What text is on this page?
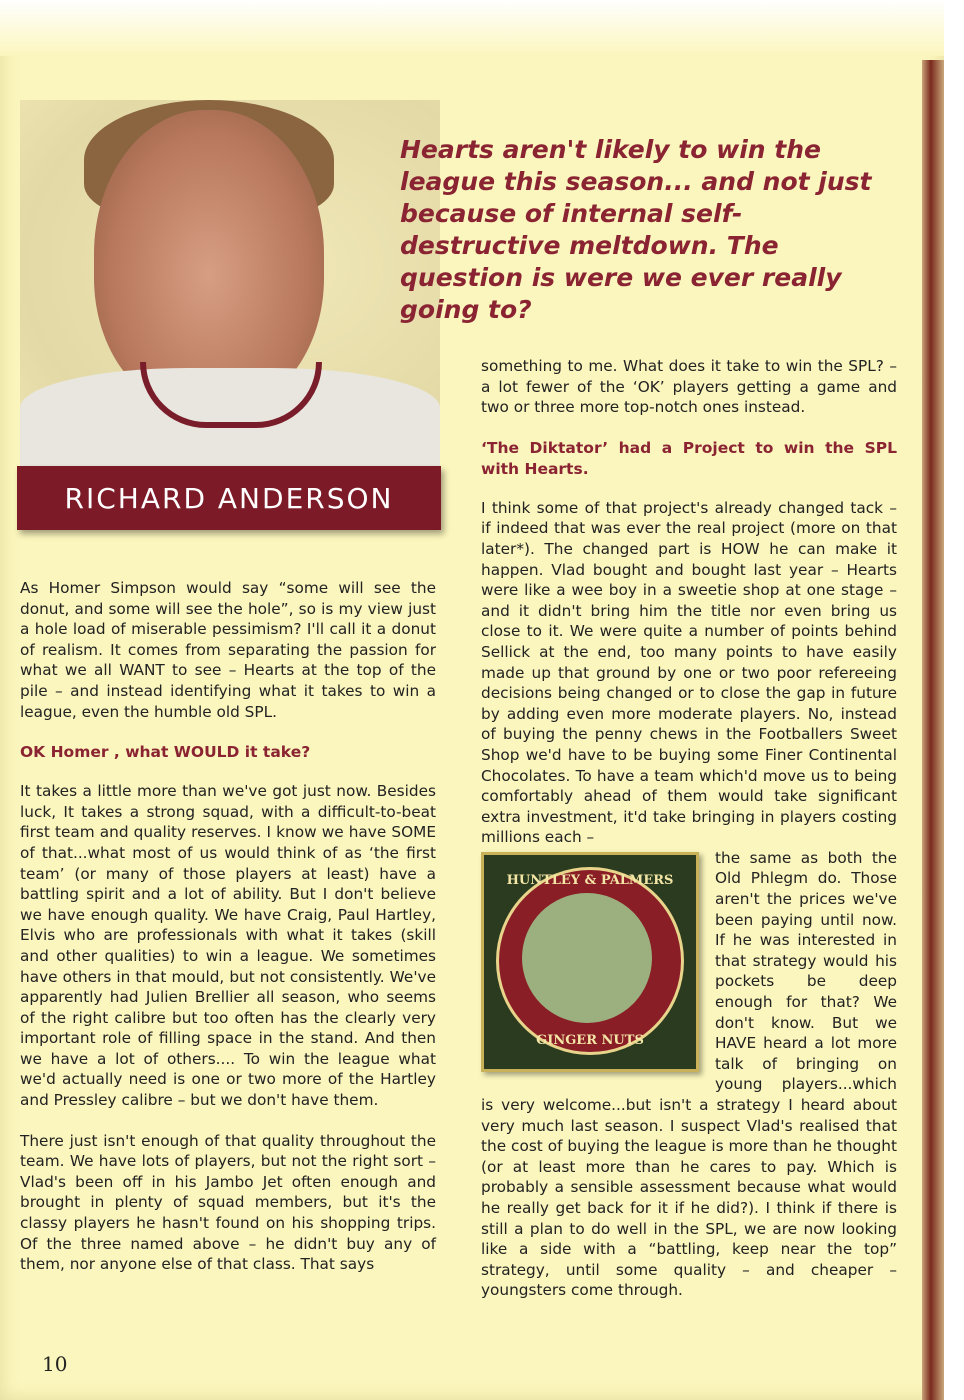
RICHARD ANDERSON
Hearts aren't likely to win the league this season... and not just because of internal self-destructive meltdown. The question is were we ever really going to?

As Homer Simpson would say “some will see the donut, and some will see the hole”, so is my view just a hole load of miserable pessimism? I'll call it a donut of realism. It comes from separating the passion for what we all WANT to see – Hearts at the top of the pile – and instead identifying what it takes to win a league, even the humble old SPL.

OK Homer , what WOULD it take?

It takes a little more than we've got just now. Besides luck, It takes a strong squad, with a difficult-to-beat first team and quality reserves. I know we have SOME of that...what most of us would think of as ‘the first team’ (or many of those players at least) have a battling spirit and a lot of ability. But I don't believe we have enough quality. We have Craig, Paul Hartley, Elvis who are professionals with what it takes (skill and other qualities) to win a league. We sometimes have others in that mould, but not consistently. We've apparently had Julien Brellier all season, who seems of the right calibre but too often has the clearly very important role of filling space in the stand. And then we have a lot of others.... To win the league what we'd actually need is one or two more of the Hartley and Pressley calibre – but we don't have them.

There just isn't enough of that quality throughout the team. We have lots of players, but not the right sort – Vlad's been off in his Jambo Jet often enough and brought in plenty of squad members, but it's the classy players he hasn't found on his shopping trips. Of the three named above – he didn't buy any of them, nor anyone else of that class. That says

something to me. What does it take to win the SPL? – a lot fewer of the ‘OK’ players getting a game and two or three more top-notch ones instead.

‘The Diktator’ had a Project to win the SPL with Hearts.

I think some of that project's already changed tack – if indeed that was ever the real project (more on that later*). The changed part is HOW he can make it happen. Vlad bought and bought last year – Hearts were like a wee boy in a sweetie shop at one stage – and it didn't bring him the title nor even bring us close to it. We were quite a number of points behind Sellick at the end, too many points to have easily made up that ground by one or two poor refereeing decisions being changed or to close the gap in future by adding even more moderate players. No, instead of buying the penny chews in the Footballers Sweet Shop we'd have to be buying some Finer Continental Chocolates. To have a team which'd move us to being comfortably ahead of them would take significant extra investment, it'd take bringing in players costing millions each –

HUNTLEY & PALMERS
GINGER NUTS

the same as both the Old Phlegm do. Those aren't the prices we've been paying until now. If he was interested in that strategy would his pockets be deep enough for that? We don't know. But we HAVE heard a lot more talk of bringing on young players...which is very welcome...but isn't a strategy I heard about very much last season. I suspect Vlad's realised that the cost of buying the league is more than he thought (or at least more than he cares to pay. Which is probably a sensible assessment because what would he really get back for it if he did?). I think if there is still a plan to do well in the SPL, we are now looking like a side with a “battling, keep near the top” strategy, until some quality – and cheaper – youngsters come through.

10
